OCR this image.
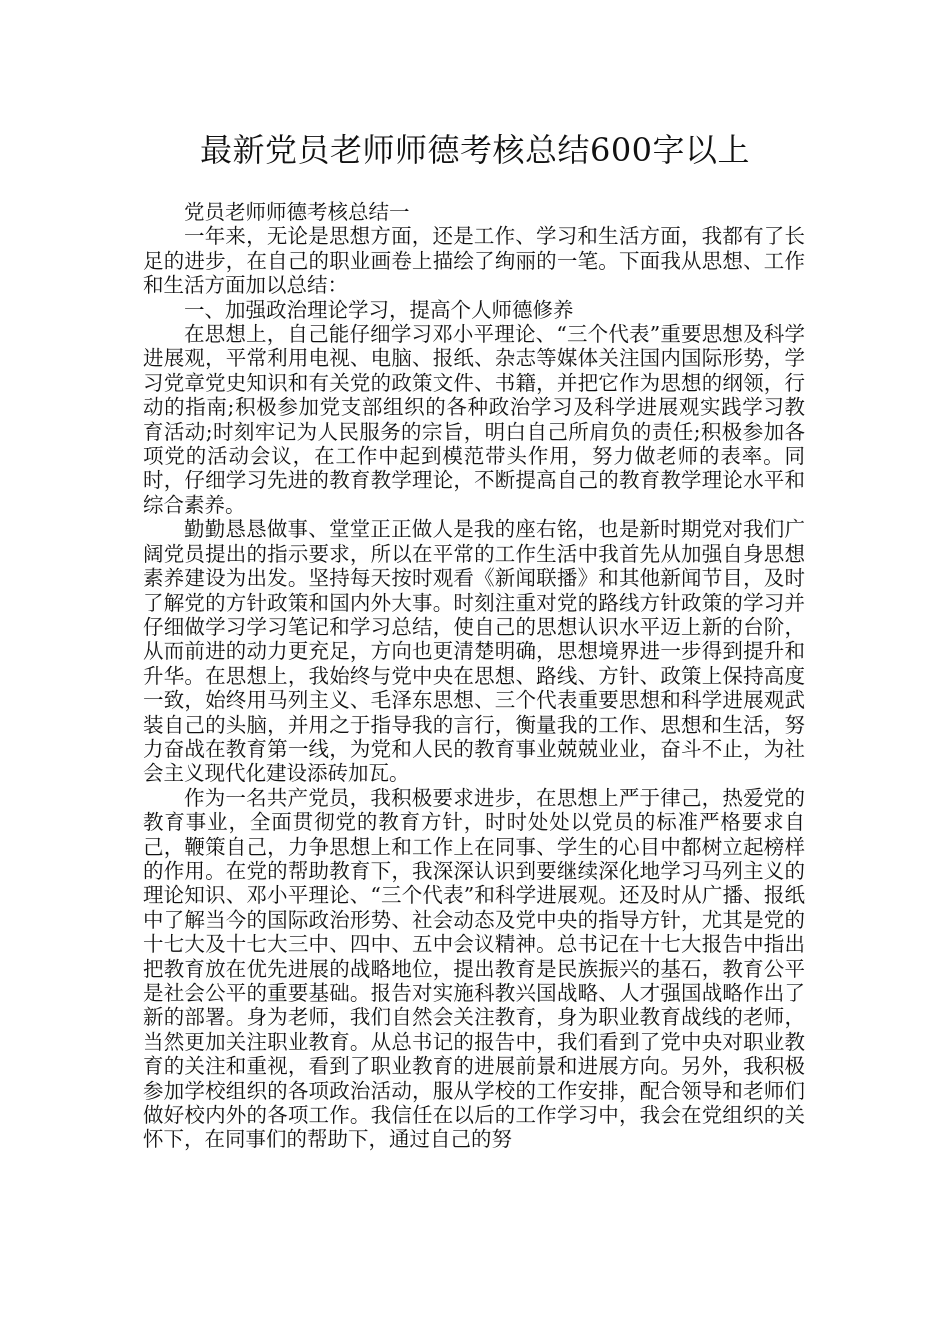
最新党员老师师德考核总结600字以上

党员老师师德考核总结一

一年来，无论是思想方面，还是工作、学习和生活方面，我都有了长足的进步，在自己的职业画卷上描绘了绚丽的一笔。下面我从思想、工作和生活方面加以总结：

一、加强政治理论学习，提高个人师德修养

在思想上，自己能仔细学习邓小平理论、“三个代表”重要思想及科学进展观，平常利用电视、电脑、报纸、杂志等媒体关注国内国际形势，学习党章党史知识和有关党的政策文件、书籍，并把它作为思想的纲领，行动的指南;积极参加党支部组织的各种政治学习及科学进展观实践学习教育活动;时刻牢记为人民服务的宗旨，明白自己所肩负的责任;积极参加各项党的活动会议，在工作中起到模范带头作用，努力做老师的表率。同时，仔细学习先进的教育教学理论，不断提高自己的教育教学理论水平和综合素养。

勤勤恳恳做事、堂堂正正做人是我的座右铭，也是新时期党对我们广阔党员提出的指示要求，所以在平常的工作生活中我首先从加强自身思想素养建设为出发。坚持每天按时观看《新闻联播》和其他新闻节目，及时了解党的方针政策和国内外大事。时刻注重对党的路线方针政策的学习并仔细做学习学习笔记和学习总结，使自己的思想认识水平迈上新的台阶，从而前进的动力更充足，方向也更清楚明确，思想境界进一步得到提升和升华。在思想上，我始终与党中央在思想、路线、方针、政策上保持高度一致，始终用马列主义、毛泽东思想、三个代表重要思想和科学进展观武装自己的头脑，并用之于指导我的言行，衡量我的工作、思想和生活，努力奋战在教育第一线，为党和人民的教育事业兢兢业业，奋斗不止，为社会主义现代化建设添砖加瓦。

作为一名共产党员，我积极要求进步，在思想上严于律己，热爱党的教育事业，全面贯彻党的教育方针，时时处处以党员的标准严格要求自己，鞭策自己，力争思想上和工作上在同事、学生的心目中都树立起榜样的作用。在党的帮助教育下，我深深认识到要继续深化地学习马列主义的理论知识、邓小平理论、“三个代表”和科学进展观。还及时从广播、报纸中了解当今的国际政治形势、社会动态及党中央的指导方针，尤其是党的十七大及十七大三中、四中、五中会议精神。总书记在十七大报告中指出把教育放在优先进展的战略地位，提出教育是民族振兴的基石，教育公平是社会公平的重要基础。报告对实施科教兴国战略、人才强国战略作出了新的部署。身为老师，我们自然会关注教育，身为职业教育战线的老师，当然更加关注职业教育。从总书记的报告中，我们看到了党中央对职业教育的关注和重视，看到了职业教育的进展前景和进展方向。另外，我积极参加学校组织的各项政治活动，服从学校的工作安排，配合领导和老师们做好校内外的各项工作。我信任在以后的工作学习中，我会在党组织的关怀下，在同事们的帮助下，通过自己的努
